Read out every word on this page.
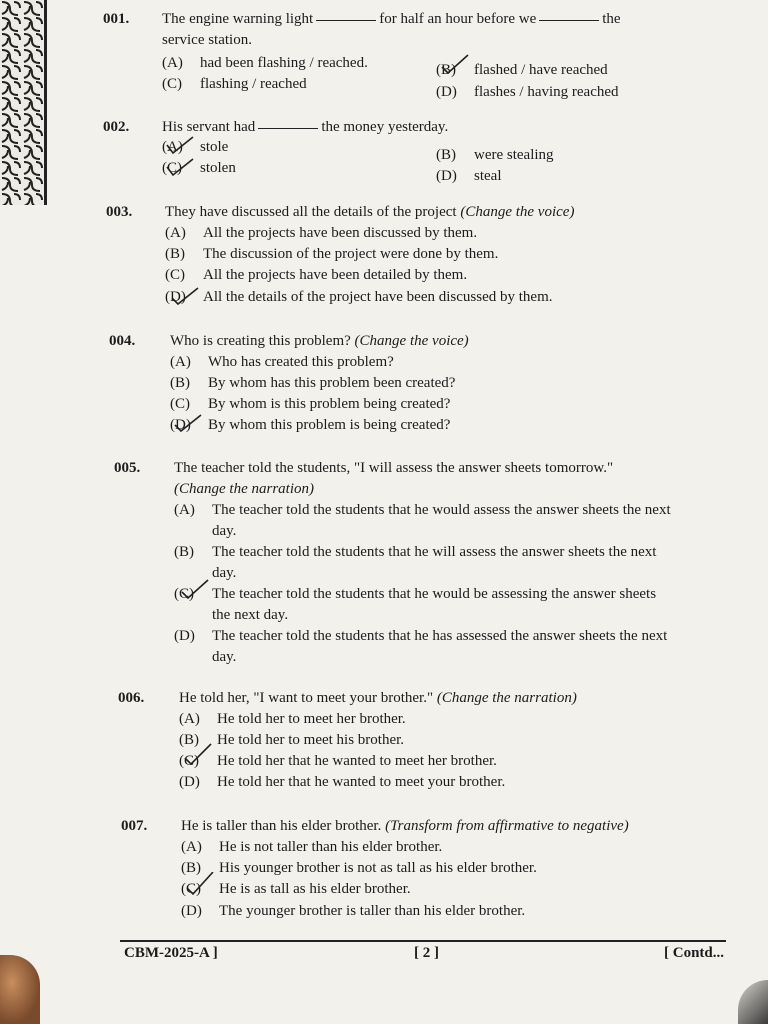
001. The engine warning light	for half an hour before we	the
service station.
(A) had been flashing / reached.	(B) flashed / have reached
(C) flashing / reached	(D) flashes / having reached
002. His servant had	the money yesterday.
(A) stole	(B) were stealing
(C) stolen	(D) steal
003. They have discussed all the details of the project (Change the voice)
(A) All the projects have been discussed by them.
(B) The discussion of the project were done by them.
(C) All the projects have been detailed by them.
(D) All the details of the project have been discussed by them.
004. Who is creating this problem? (Change the voice)
(A) Who has created this problem?
(B) By whom has this problem been created?
(C) By whom is this problem being created?
(D) By whom this problem is being created?
005. The teacher told the students, "I will assess the answer sheets tomorrow."
(Change the narration)
(A) The teacher told the students that he would assess the answer sheets the next
day.
(B) The teacher told the students that he will assess the answer sheets the next
day.
(C) The teacher told the students that he would be assessing the answer sheets
the next day.
(D) The teacher told the students that he has assessed the answer sheets the next
day.
006. He told her, "I want to meet your brother." (Change the narration)
(A) He told her to meet her brother.
(B) He told her to meet his brother.
(C) He told her that he wanted to meet her brother.
(D) He told her that he wanted to meet your brother.
007. He is taller than his elder brother. (Transform from affirmative to negative)
(A) He is not taller than his elder brother.
(B) His younger brother is not as tall as his elder brother.
(C) He is as tall as his elder brother.
(D) The younger brother is taller than his elder brother.
CBM-2025-A ]	[ 2 ]	[ Contd...
